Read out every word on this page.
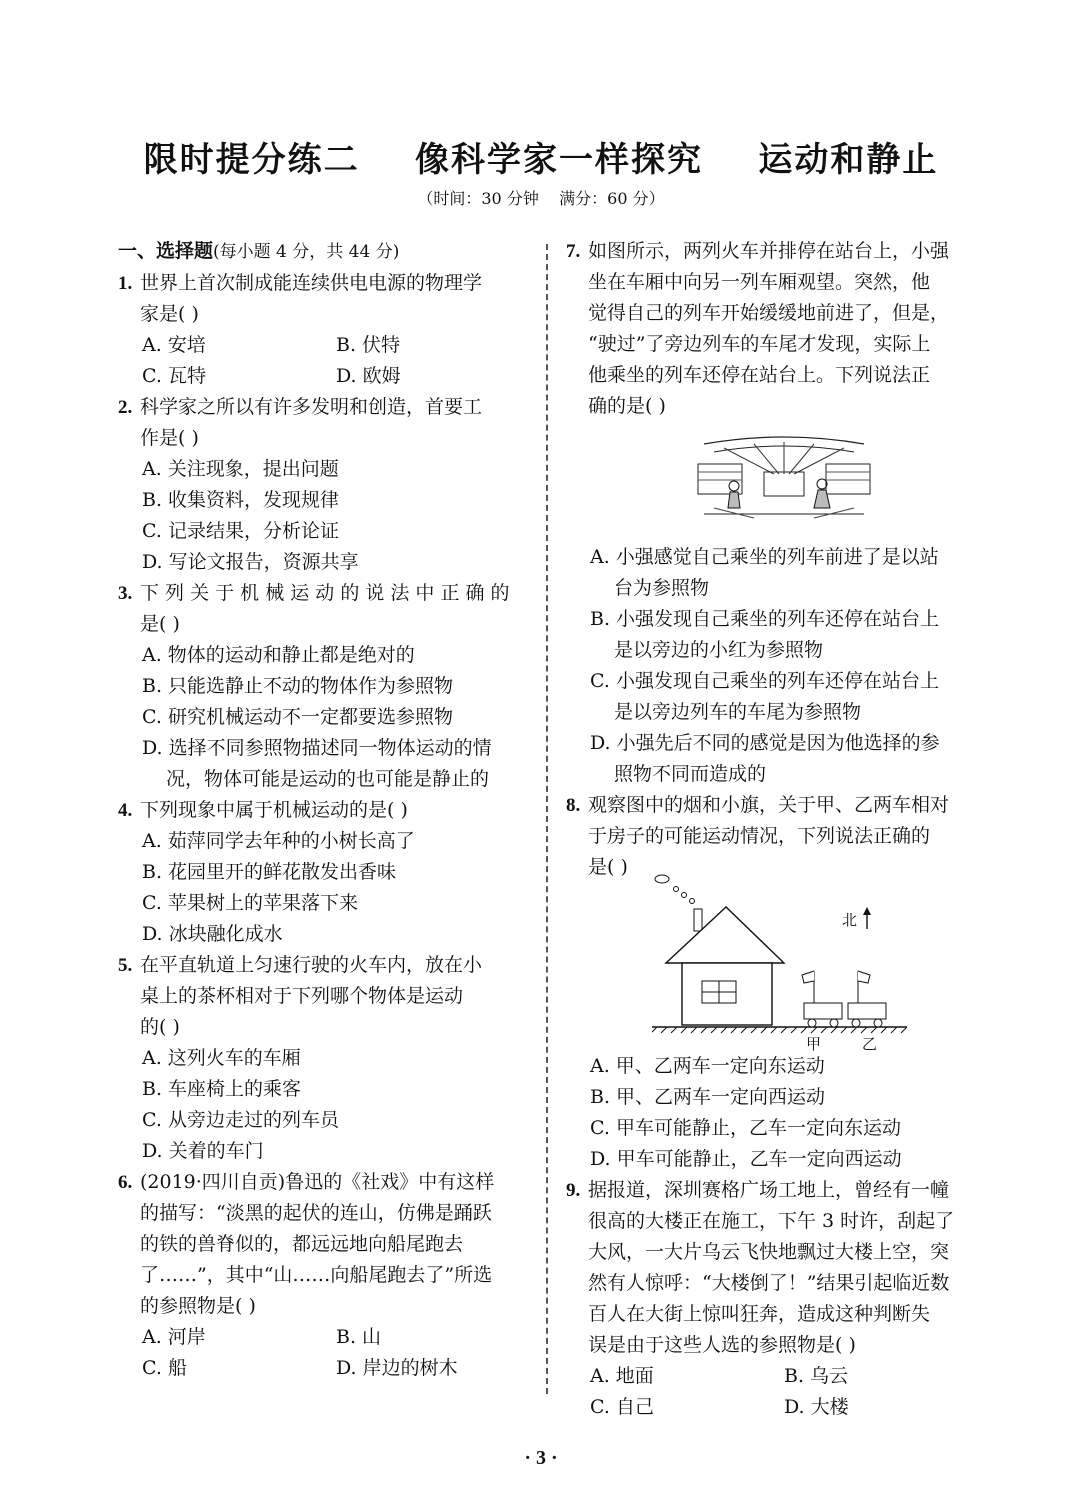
限时提分练二    像科学家一样探究    运动和静止
（时间：30 分钟    满分：60 分）
一、选择题(每小题 4 分，共 44 分)
1. 世界上首次制成能连续供电电源的物理学
家是( )
A. 安培	B. 伏特
C. 瓦特	D. 欧姆
2. 科学家之所以有许多发明和创造，首要工
作是( )
A. 关注现象，提出问题
B. 收集资料，发现规律
C. 记录结果，分析论证
D. 写论文报告，资源共享
3. 下 列 关 于 机 械 运 动 的 说 法 中 正 确 的
是( )
A. 物体的运动和静止都是绝对的
B. 只能选静止不动的物体作为参照物
C. 研究机械运动不一定都要选参照物
D. 选择不同参照物描述同一物体运动的情
况，物体可能是运动的也可能是静止的
4. 下列现象中属于机械运动的是( )
A. 茹萍同学去年种的小树长高了
B. 花园里开的鲜花散发出香味
C. 苹果树上的苹果落下来
D. 冰块融化成水
5. 在平直轨道上匀速行驶的火车内，放在小
桌上的茶杯相对于下列哪个物体是运动
的( )
A. 这列火车的车厢
B. 车座椅上的乘客
C. 从旁边走过的列车员
D. 关着的车门
6. (2019·四川自贡)鲁迅的《社戏》中有这样
的描写：“淡黑的起伏的连山，仿佛是踊跃
的铁的兽脊似的，都远远地向船尾跑去
了……”，其中“山……向船尾跑去了”所选
的参照物是( )
A. 河岸	B. 山
C. 船	D. 岸边的树木
7. 如图所示，两列火车并排停在站台上，小强
坐在车厢中向另一列车厢观望。突然，他
觉得自己的列车开始缓缓地前进了，但是，
“驶过”了旁边列车的车尾才发现，实际上
他乘坐的列车还停在站台上。下列说法正
确的是( )
A. 小强感觉自己乘坐的列车前进了是以站
台为参照物
B. 小强发现自己乘坐的列车还停在站台上
是以旁边的小红为参照物
C. 小强发现自己乘坐的列车还停在站台上
是以旁边列车的车尾为参照物
D. 小强先后不同的感觉是因为他选择的参
照物不同而造成的
8. 观察图中的烟和小旗，关于甲、乙两车相对
于房子的可能运动情况，下列说法正确的
是( )
北
甲	乙
A. 甲、乙两车一定向东运动
B. 甲、乙两车一定向西运动
C. 甲车可能静止，乙车一定向东运动
D. 甲车可能静止，乙车一定向西运动
9. 据报道，深圳赛格广场工地上，曾经有一幢
很高的大楼正在施工，下午 3 时许，刮起了
大风，一大片乌云飞快地飘过大楼上空，突
然有人惊呼：“大楼倒了！”结果引起临近数
百人在大街上惊叫狂奔，造成这种判断失
误是由于这些人选的参照物是( )
A. 地面	B. 乌云
C. 自己	D. 大楼
· 3 ·
